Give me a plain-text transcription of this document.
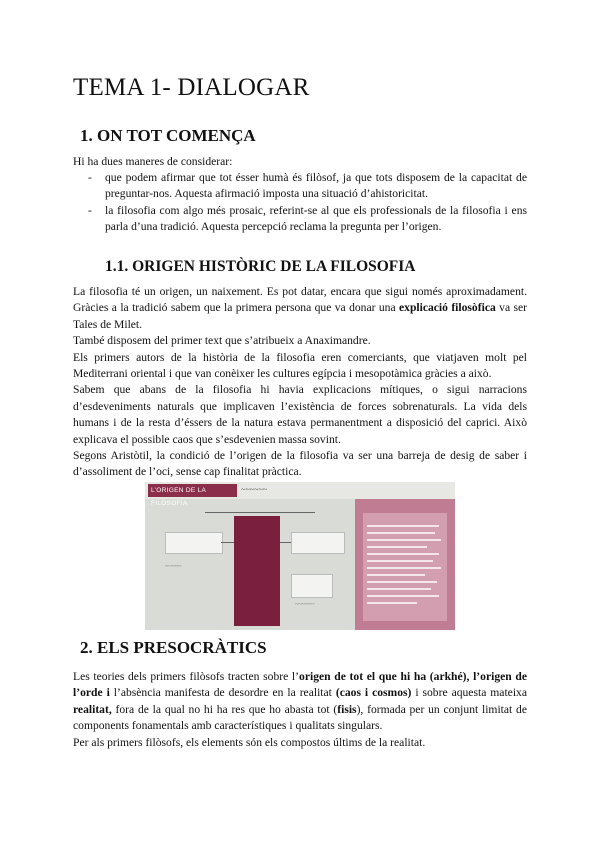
TEMA 1- DIALOGAR
1. ON TOT COMENÇA

Hi ha dues maneres de considerar:

- que podem afirmar que tot ésser humà és filòsof, ja que tots disposem de la capacitat de preguntar-nos. Aquesta afirmació imposta una situació d’ahistoricitat.
- la filosofia com algo més prosaic, referint-se al que els professionals de la filosofia i ens parla d’una tradició. Aquesta percepció reclama la pregunta per l’origen.
1.1. ORIGEN HISTÒRIC DE LA FILOSOFIA
La filosofia té un origen, un naixement. Es pot datar, encara que sigui només aproximadament. Gràcies a la tradició sabem que la primera persona que va donar una explicació filosòfica va ser Tales de Milet.
També disposem del primer text que s’atribueix a Anaximandre.
Els primers autors de la història de la filosofia eren comerciants, que viatjaven molt pel Mediterrani oriental i que van conèixer les cultures egípcia i mesopotàmica gràcies a això.
Sabem que abans de la filosofia hi havia explicacions mítiques, o sigui narracions d’esdeveniments naturals que implicaven l’existència de forces sobrenaturals. La vida dels humans i de la resta d’éssers de la natura estava permanentment a disposició del caprici. Això explicava el possible caos que s’esdevenien massa sovint.
Segons Aristòtil, la condició de l’origen de la filosofia va ser una barreja de desig de saber i d’assoliment de l’oci, sense cap finalitat pràctica.
L’ORIGEN DE LA FILOSOFIA
~~~~~~
~~~~~
~~~~~~
2. ELS PRESOCRÀTICS
Les teories dels primers filòsofs tracten sobre l’origen de tot el que hi ha (arkhé), l’origen de l’orde i l’absència manifesta de desordre en la realitat (caos i cosmos) i sobre aquesta mateixa realitat, fora de la qual no hi ha res que ho abasta tot (fisis), formada per un conjunt limitat de components fonamentals amb característiques i qualitats singulars.
Per als primers filòsofs, els elements són els compostos últims de la realitat.
